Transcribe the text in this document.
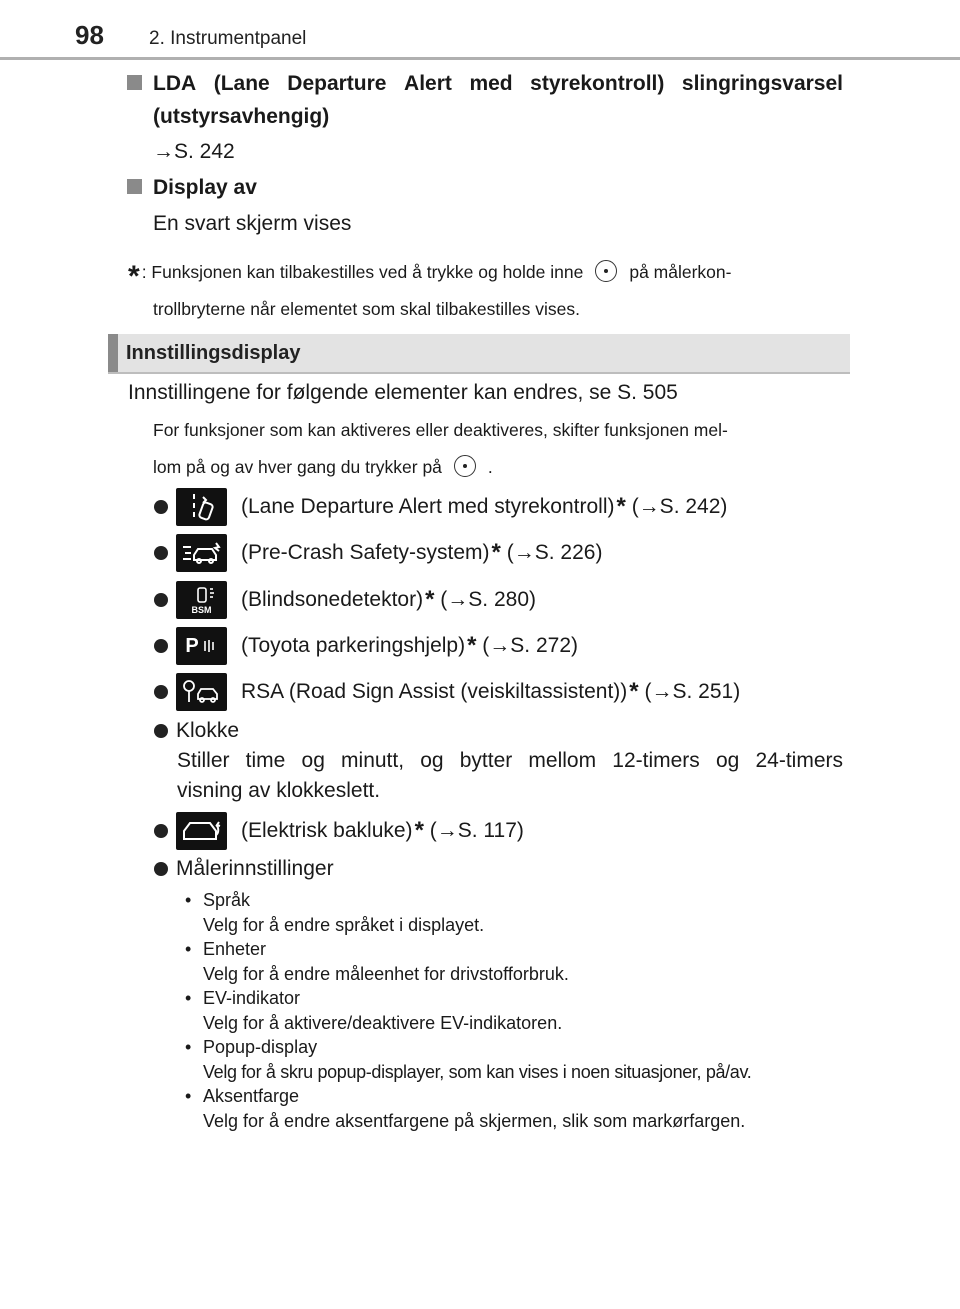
98 2. Instrumentpanel
LDA (Lane Departure Alert med styrekontroll) slingringsvarsel
(utstyrsavhengig)
→S. 242
Display av
En svart skjerm vises
* : Funksjonen kan tilbakestilles ved å trykke og holde inne	på målerkon-
trollbryterne når elementet som skal tilbakestilles vises.
Innstillingsdisplay
Innstillingene for følgende elementer kan endres, se S. 505
For funksjoner som kan aktiveres eller deaktiveres, skifter funksjonen mel-
lom på og av hver gang du trykker på	.
(Lane Departure Alert med styrekontroll) *
(→S. 242)
(Pre-Crash Safety-system) *
(→S. 226)
BSM (Blindsonedetektor) *
(→S. 280)
P (Toyota parkeringshjelp) *
(→S. 272)
RSA (Road Sign Assist (veiskiltassistent)) *
(→S. 251)
Klokke
Stiller time og minutt, og bytter mellom 12-timers og 24-timers
visning av klokkeslett.
(Elektrisk bakluke) *
(→S. 117)
Målerinnstillinger
• Språk
Velg for å endre språket i displayet.
• Enheter
Velg for å endre måleenhet for drivstofforbruk.
• EV-indikator
Velg for å aktivere/deaktivere EV-indikatoren.
• Popup-display
Velg for å skru popup-displayer, som kan vises i noen situasjoner, på/av.
• Aksentfarge
Velg for å endre aksentfargene på skjermen, slik som markørfargen.
